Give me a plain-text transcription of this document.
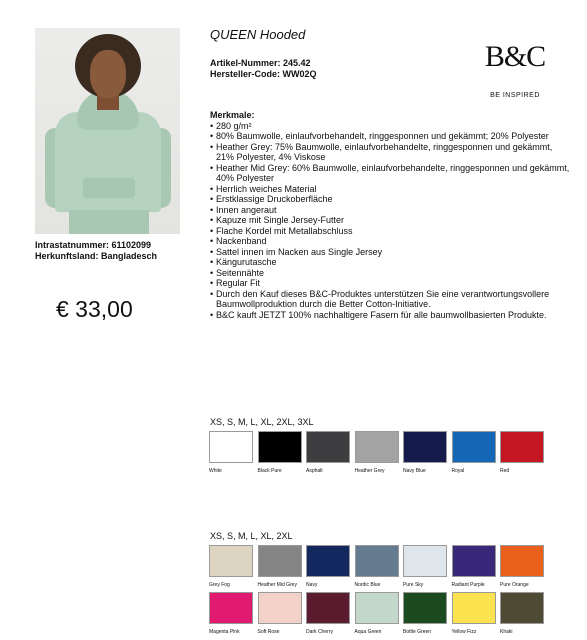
Intrastatnummer: 61102099
Herkunftsland: Bangladesch
€ 33,00
QUEEN Hooded
Artikel-Nummer: 245.42
Hersteller-Code: WW02Q
B&C
BE INSPIRED
Merkmale:
• 280 g/m²
• 80% Baumwolle, einlaufvorbehandelt, ringgesponnen und gekämmt; 20% Polyester
• Heather Grey: 75% Baumwolle, einlaufvorbehandelte, ringgesponnen und gekämmt, 21% Polyester, 4% Viskose
• Heather Mid Grey: 60% Baumwolle, einlaufvorbehandelte, ringgesponnen und gekämmt, 40% Polyester
• Herrlich weiches Material
• Erstklassige Druckoberfläche
• Innen angeraut
• Kapuze mit Single Jersey-Futter
• Flache Kordel mit Metallabschluss
• Nackenband
• Sattel innen im Nacken aus Single Jersey
• Kängurutasche
• Seitennähte
• Regular Fit
• Durch den Kauf dieses B&C-Produktes unterstützen Sie eine verantwortungsvollere Baumwollproduktion durch die Better Cotton-Initiative.
• B&C kauft JETZT 100% nachhaltigere Fasern für alle baumwollbasierten Produkte.
XS, S, M, L, XL, 2XL, 3XL
White	Black Pure	Asphalt	Heather Grey	Navy Blue	Royal	Red
XS, S, M, L, XL, 2XL
Grey Fog	Heather Mid Grey	Navy	Nordic Blue	Pure Sky	Radiant Purple	Pure Orange
Magenta Pink	Soft Rose	Dark Cherry	Aqua Green	Bottle Green	Yellow Fizz	Khaki
